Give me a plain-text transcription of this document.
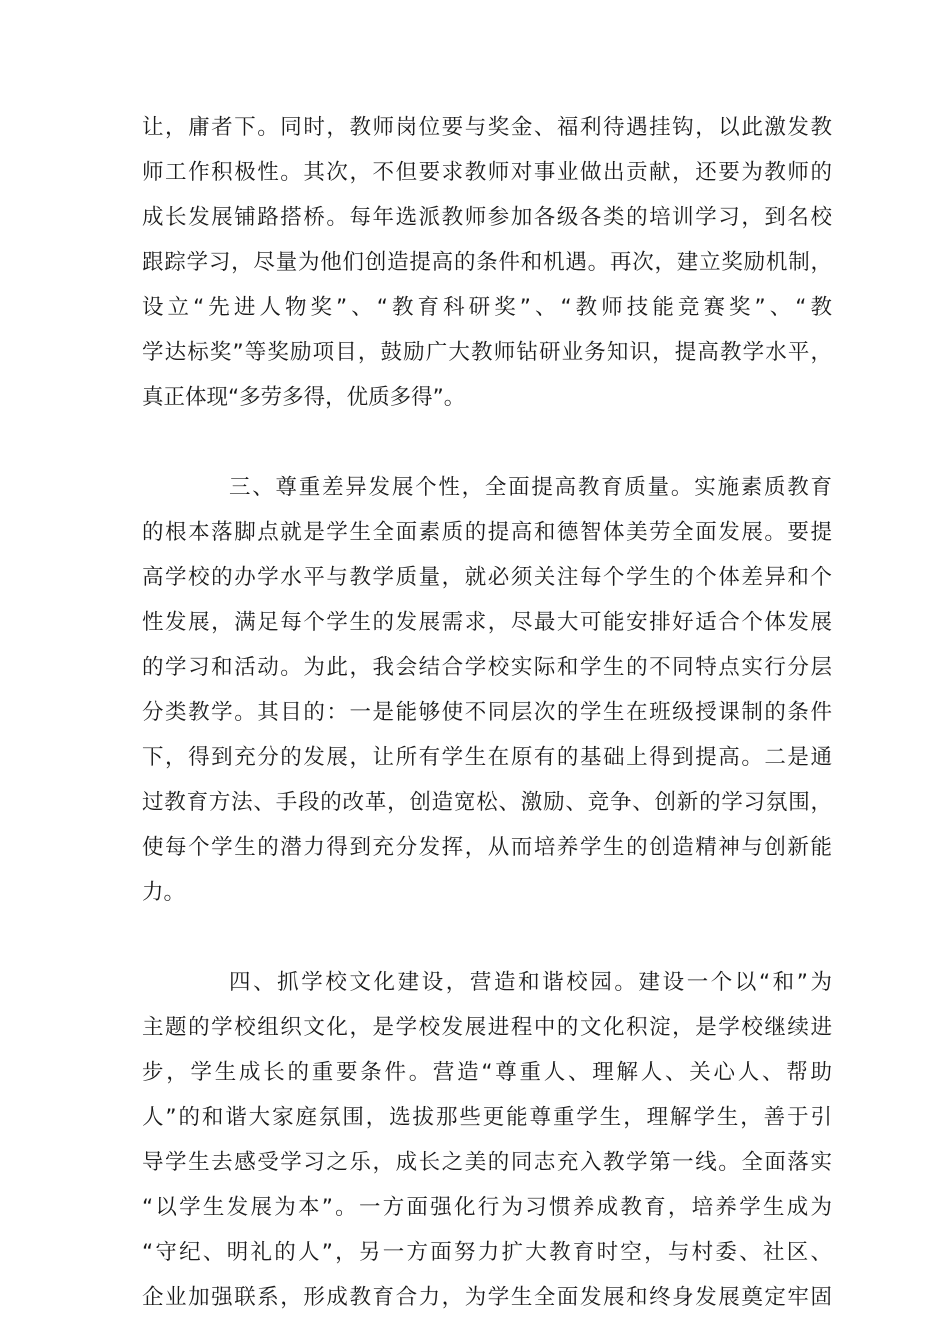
让，庸者下。同时，教师岗位要与奖金、福利待遇挂钩，以此激发教
师工作积极性。其次，不但要求教师对事业做出贡献，还要为教师的
成长发展铺路搭桥。每年选派教师参加各级各类的培训学习，到名校
跟踪学习，尽量为他们创造提高的条件和机遇。再次，建立奖励机制，
设立“先进人物奖”、“教育科研奖”、“教师技能竞赛奖”、“教
学达标奖”等奖励项目，鼓励广大教师钻研业务知识，提高教学水平，
真正体现“多劳多得，优质多得”。
三、尊重差异发展个性，全面提高教育质量。实施素质教育
的根本落脚点就是学生全面素质的提高和德智体美劳全面发展。要提
高学校的办学水平与教学质量，就必须关注每个学生的个体差异和个
性发展，满足每个学生的发展需求，尽最大可能安排好适合个体发展
的学习和活动。为此，我会结合学校实际和学生的不同特点实行分层
分类教学。其目的：一是能够使不同层次的学生在班级授课制的条件
下，得到充分的发展，让所有学生在原有的基础上得到提高。二是通
过教育方法、手段的改革，创造宽松、激励、竞争、创新的学习氛围，
使每个学生的潜力得到充分发挥，从而培养学生的创造精神与创新能
力。
四、抓学校文化建设，营造和谐校园。建设一个以“和”为
主题的学校组织文化，是学校发展进程中的文化积淀，是学校继续进
步，学生成长的重要条件。营造“尊重人、理解人、关心人、帮助
人”的和谐大家庭氛围，选拔那些更能尊重学生，理解学生，善于引
导学生去感受学习之乐，成长之美的同志充入教学第一线。全面落实
“以学生发展为本”。一方面强化行为习惯养成教育，培养学生成为
“守纪、明礼的人”，另一方面努力扩大教育时空，与村委、社区、
企业加强联系，形成教育合力，为学生全面发展和终身发展奠定牢固
